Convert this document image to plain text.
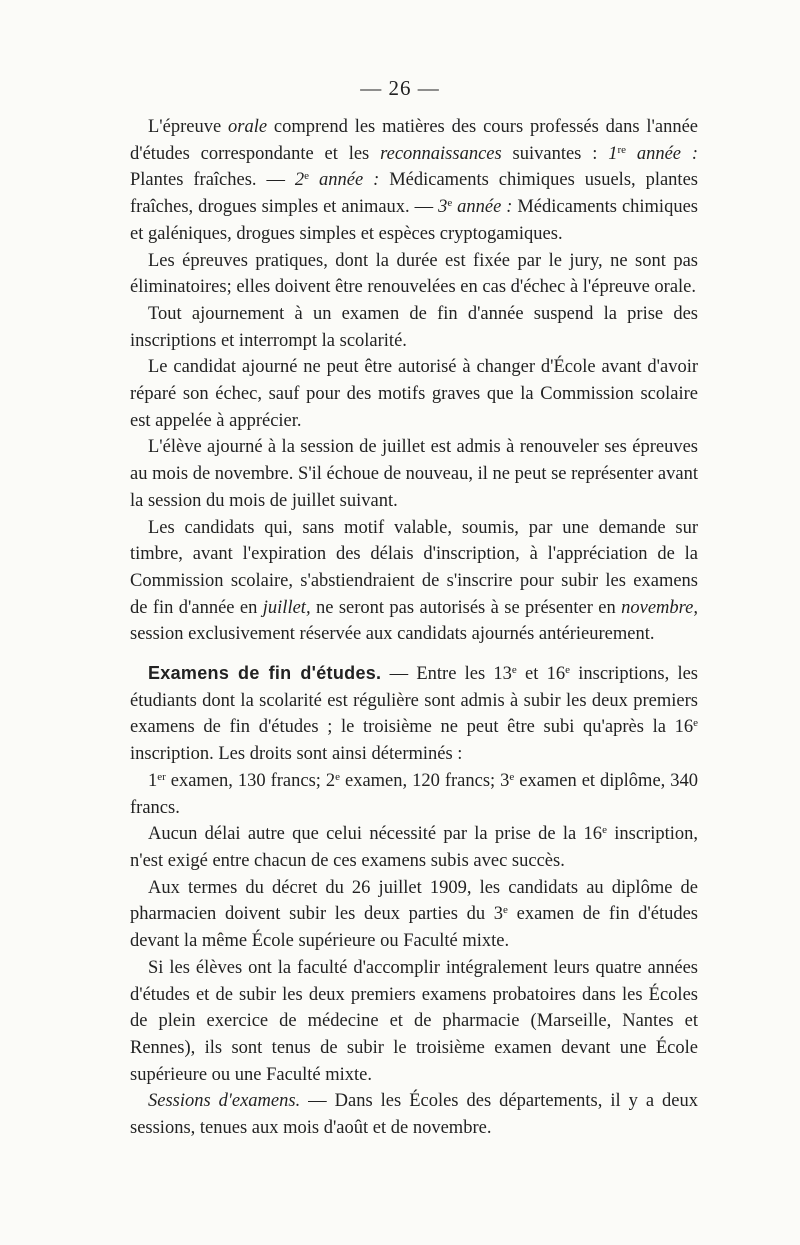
— 26 —

L'épreuve orale comprend les matières des cours professés dans l'année d'études correspondante et les reconnaissances suivantes : 1re année : Plantes fraîches. — 2e année : Médicaments chimiques usuels, plantes fraîches, drogues simples et animaux. — 3e année : Médicaments chimiques et galéniques, drogues simples et espèces cryptogamiques.

Les épreuves pratiques, dont la durée est fixée par le jury, ne sont pas éliminatoires; elles doivent être renouvelées en cas d'échec à l'épreuve orale.

Tout ajournement à un examen de fin d'année suspend la prise des inscriptions et interrompt la scolarité.

Le candidat ajourné ne peut être autorisé à changer d'École avant d'avoir réparé son échec, sauf pour des motifs graves que la Commission scolaire est appelée à apprécier.

L'élève ajourné à la session de juillet est admis à renouveler ses épreuves au mois de novembre. S'il échoue de nouveau, il ne peut se représenter avant la session du mois de juillet suivant.

Les candidats qui, sans motif valable, soumis, par une demande sur timbre, avant l'expiration des délais d'inscription, à l'appréciation de la Commission scolaire, s'abstiendraient de s'inscrire pour subir les examens de fin d'année en juillet, ne seront pas autorisés à se présenter en novembre, session exclusivement réservée aux candidats ajournés antérieurement.

Examens de fin d'études. — Entre les 13e et 16e inscriptions, les étudiants dont la scolarité est régulière sont admis à subir les deux premiers examens de fin d'études ; le troisième ne peut être subi qu'après la 16e inscription. Les droits sont ainsi déterminés :

1er examen, 130 francs; 2e examen, 120 francs; 3e examen et diplôme, 340 francs.

Aucun délai autre que celui nécessité par la prise de la 16e inscription, n'est exigé entre chacun de ces examens subis avec succès.

Aux termes du décret du 26 juillet 1909, les candidats au diplôme de pharmacien doivent subir les deux parties du 3e examen de fin d'études devant la même École supérieure ou Faculté mixte.

Si les élèves ont la faculté d'accomplir intégralement leurs quatre années d'études et de subir les deux premiers examens probatoires dans les Écoles de plein exercice de médecine et de pharmacie (Marseille, Nantes et Rennes), ils sont tenus de subir le troisième examen devant une École supérieure ou une Faculté mixte.

Sessions d'examens. — Dans les Écoles des départements, il y a deux sessions, tenues aux mois d'août et de novembre.
